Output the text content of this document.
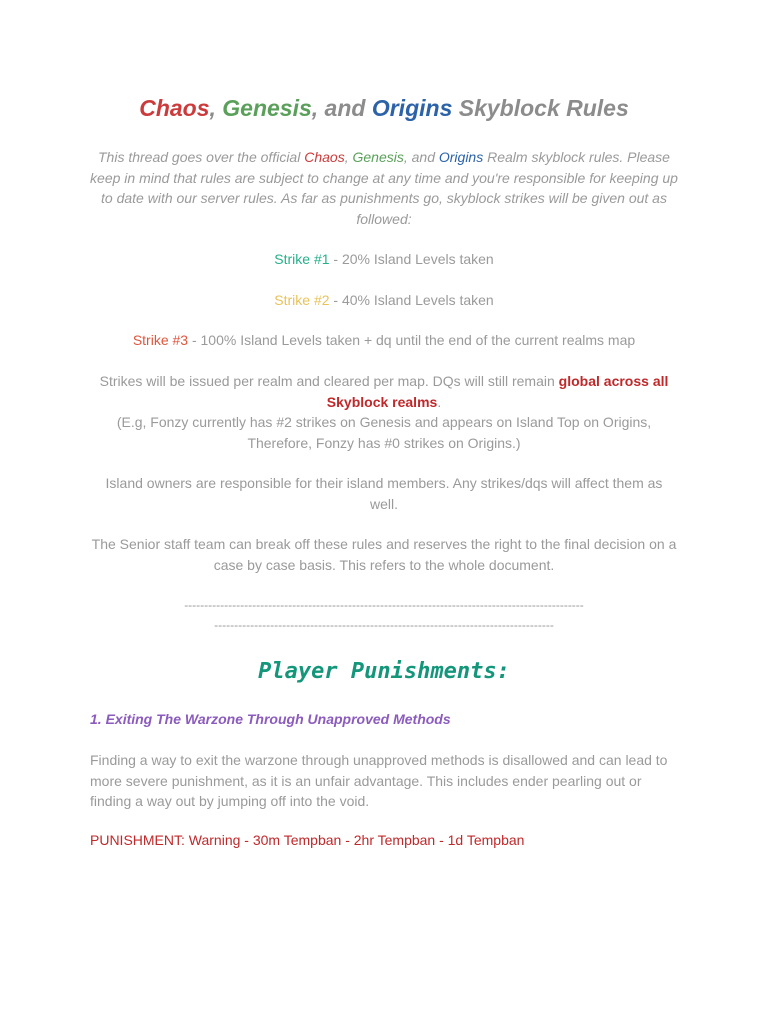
Chaos, Genesis, and Origins Skyblock Rules
This thread goes over the official Chaos, Genesis, and Origins Realm skyblock rules. Please keep in mind that rules are subject to change at any time and you're responsible for keeping up to date with our server rules. As far as punishments go, skyblock strikes will be given out as followed:
Strike #1 - 20% Island Levels taken
Strike #2 - 40% Island Levels taken
Strike #3 - 100% Island Levels taken + dq until the end of the current realms map
Strikes will be issued per realm and cleared per map. DQs will still remain global across all Skyblock realms.
(E.g, Fonzy currently has #2 strikes on Genesis and appears on Island Top on Origins, Therefore, Fonzy has #0 strikes on Origins.)
Island owners are responsible for their island members. Any strikes/dqs will affect them as well.
The Senior staff team can break off these rules and reserves the right to the final decision on a case by case basis. This refers to the whole document.
----------------------------------------------------------------------------------------------------
-------------------------------------------------------------------------------------
Player Punishments:
1. Exiting The Warzone Through Unapproved Methods
Finding a way to exit the warzone through unapproved methods is disallowed and can lead to more severe punishment, as it is an unfair advantage. This includes ender pearling out or finding a way out by jumping off into the void.
PUNISHMENT: Warning - 30m Tempban - 2hr Tempban - 1d Tempban
